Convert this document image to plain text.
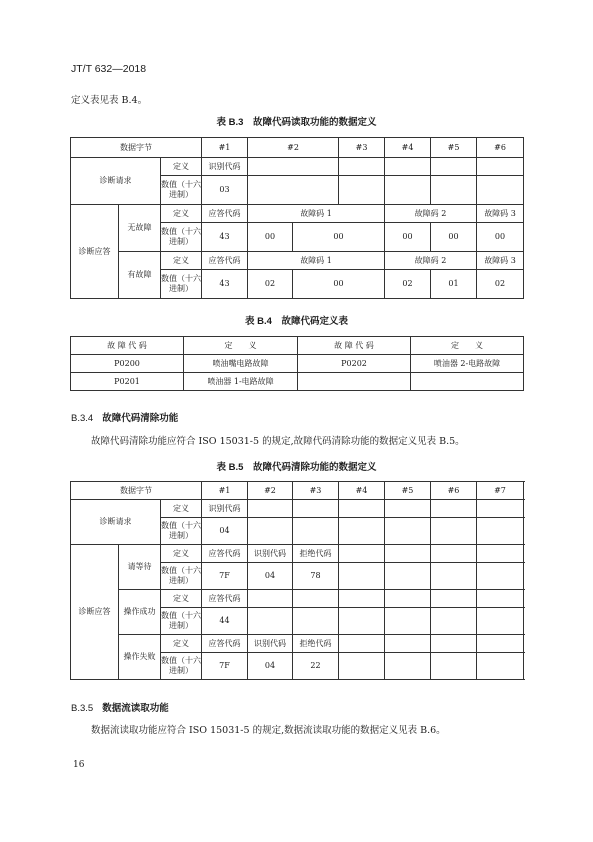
JT/T 632—2018
定义表见表 B.4。
表 B.3　故障代码读取功能的数据定义
数据字节			#1	#2		#3	#4	#5	#6	
诊断请求		定义	识别代码							
		数值（十六进制）	03							
诊断应答	无故障	定义	应答代码	故障码 1			故障码 2		故障码 3	
		数值（十六进制）	43	00	00		00	00	00	
	有故障	定义	应答代码	故障码 1			故障码 2		故障码 3	
		数值（十六进制）	43	02	00		02	01	02	
表 B.4　故障代码定义表
故 障 代 码	定　　义	故 障 代 码	定　　义
P0200	喷油嘴电路故障	P0202	喷油器 2-电路故障
P0201	喷油器 1-电路故障		
B.3.4 故障代码清除功能
故障代码清除功能应符合 ISO 15031-5 的规定,故障代码清除功能的数据定义见表 B.5。
表 B.5　故障代码清除功能的数据定义
数据字节			#1	#2	#3	#4	#5	#6	#7
诊断请求		定义	识别代码						
		数值（十六进制）	04						
诊断应答	请等待	定义	应答代码	识别代码	拒绝代码				
		数值（十六进制）	7F	04	78				
	操作成功	定义	应答代码						
		数值（十六进制）	44						
	操作失败	定义	应答代码	识别代码	拒绝代码				
		数值（十六进制）	7F	04	22				
B.3.5 数据流读取功能
数据流读取功能应符合 ISO 15031-5 的规定,数据流读取功能的数据定义见表 B.6。
16
